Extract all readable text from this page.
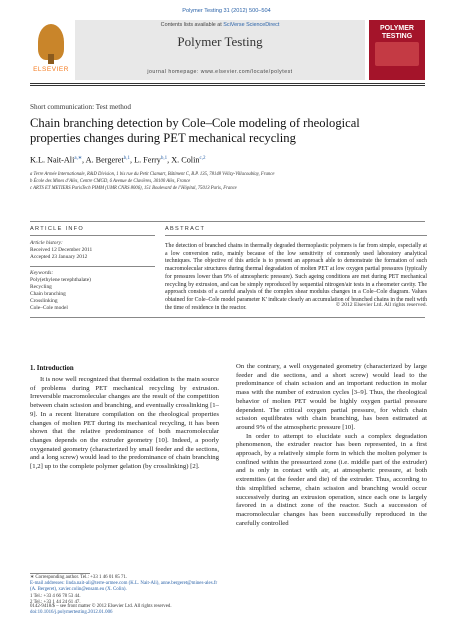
Polymer Testing 31 (2012) 500–504
ELSEVIER
Contents lists available at SciVerse ScienceDirect
Polymer Testing
journal homepage: www.elsevier.com/locate/polytest
POLYMER TESTING
Short communication: Test method
Chain branching detection by Cole–Cole modeling of rheological
properties changes during PET mechanical recycling
K.L. Nait-Ali$^{a,∗}$, A. Bergeret$^{b,1}$, L. Ferry$^{b,1}$, X. Colin$^{c,2}$
a Terre Armée Internationale, R&D Division, 1 bis rue du Petit Clamart, Bâtiment C, B.P. 135, 78148 Vélizy-Villacoublay, France
b École des Mines d’Alès, Centre CMGD, 6 Avenue de Clavières, 30100 Alès, France
c ARTS ET METIERS ParisTech PIMM (UMR CNRS 8006), 151 Boulevard de l’Hôpital, 75013 Paris, France
ARTICLE INFO
Article history:
Received 12 December 2011
Accepted 23 January 2012
Keywords:
Poly(ethylene terephthalate)
Recycling
Chain branching
Crosslinking
Cole–Cole model
ABSTRACT
The detection of branched chains in thermally degraded thermoplastic polymers is far from simple, especially at a low conversion ratio, mainly because of the low sensitivity of commonly used laboratory analytical techniques. The objective of this article is to present an approach able to demonstrate the formation of such macromolecular structures during thermal degradation of molten PET at low oxygen partial pressures (typically for pressures lower than 9% of atmospheric pressure). Such ageing conditions are met during PET mechanical recycling by extrusion, and can be simply reproduced by sequential nitrogen/air tests in a rheometer cavity. The approach consists of a careful analysis of the complex shear modulus changes in a Cole–Cole diagram. Values obtained for Cole–Cole model parameter K' indicate clearly an accumulation of branched chains in the melt with the time of residence in the reactor.	© 2012 Elsevier Ltd. All rights reserved.
1. Introduction
It is now well recognized that thermal oxidation is the main source of problems during PET mechanical recycling by extrusion. Irreversible macromolecular changes are the result of the competition between chain scission and branching, and eventually crosslinking [1–9]. In a recent literature compilation on the rheological properties changes of molten PET during its mechanical recycling, it has been shown that the relative predominance of both macromolecular changes depends on the extruder geometry [10]. Indeed, a poorly oxygenated geometry (characterized by small feeder and die sections, and a long screw) would lead to the predominance of chain branching [1,2] up to the complete polymer gelation (by crosslinking) [2].
On the contrary, a well oxygenated geometry (characterized by large feeder and die sections, and a short screw) would lead to the predominance of chain scission and an important reduction in molar mass with the number of extrusion cycles [3–9]. Thus, the rheological behavior of molten PET would be highly oxygen partial pressure dependent. The critical oxygen partial pressure, for which chain scission equilibrates with chain branching, has been estimated at around 9% of the atmospheric pressure [10].
In order to attempt to elucidate such a complex degradation phenomenon, the extruder reactor has been represented, in a first approach, by a relatively simple form in which the molten polymer is confined within the pressurized zone (i.e. middle part of the extruder) and is only in contact with air, at atmospheric pressure, at both extremities (at the feeder and die) of the extruder. Thus, according to this simplified scheme, chain scission and branching would occur successively during an extrusion operation, since each one is largely favored in a distinct zone of the reactor. Such a succession of macromolecular changes has been successfully reproduced in the carefully controlled
∗ Corresponding author. Tel.: +33 1 46 01 85 71.
E-mail addresses: linda.nait-ali@terre-armee.com (K.L. Nait-Ali), anne.bergeret@mines-ales.fr (A. Bergeret), xavier.colin@ensam.eu (X. Colin).
1 Tel.: +33 4 66 78 53 44.
2 Tel.: +33 1 44 24 61 47.
0142-9418/$ – see front matter © 2012 Elsevier Ltd. All rights reserved.
doi:10.1016/j.polymertesting.2012.01.006
